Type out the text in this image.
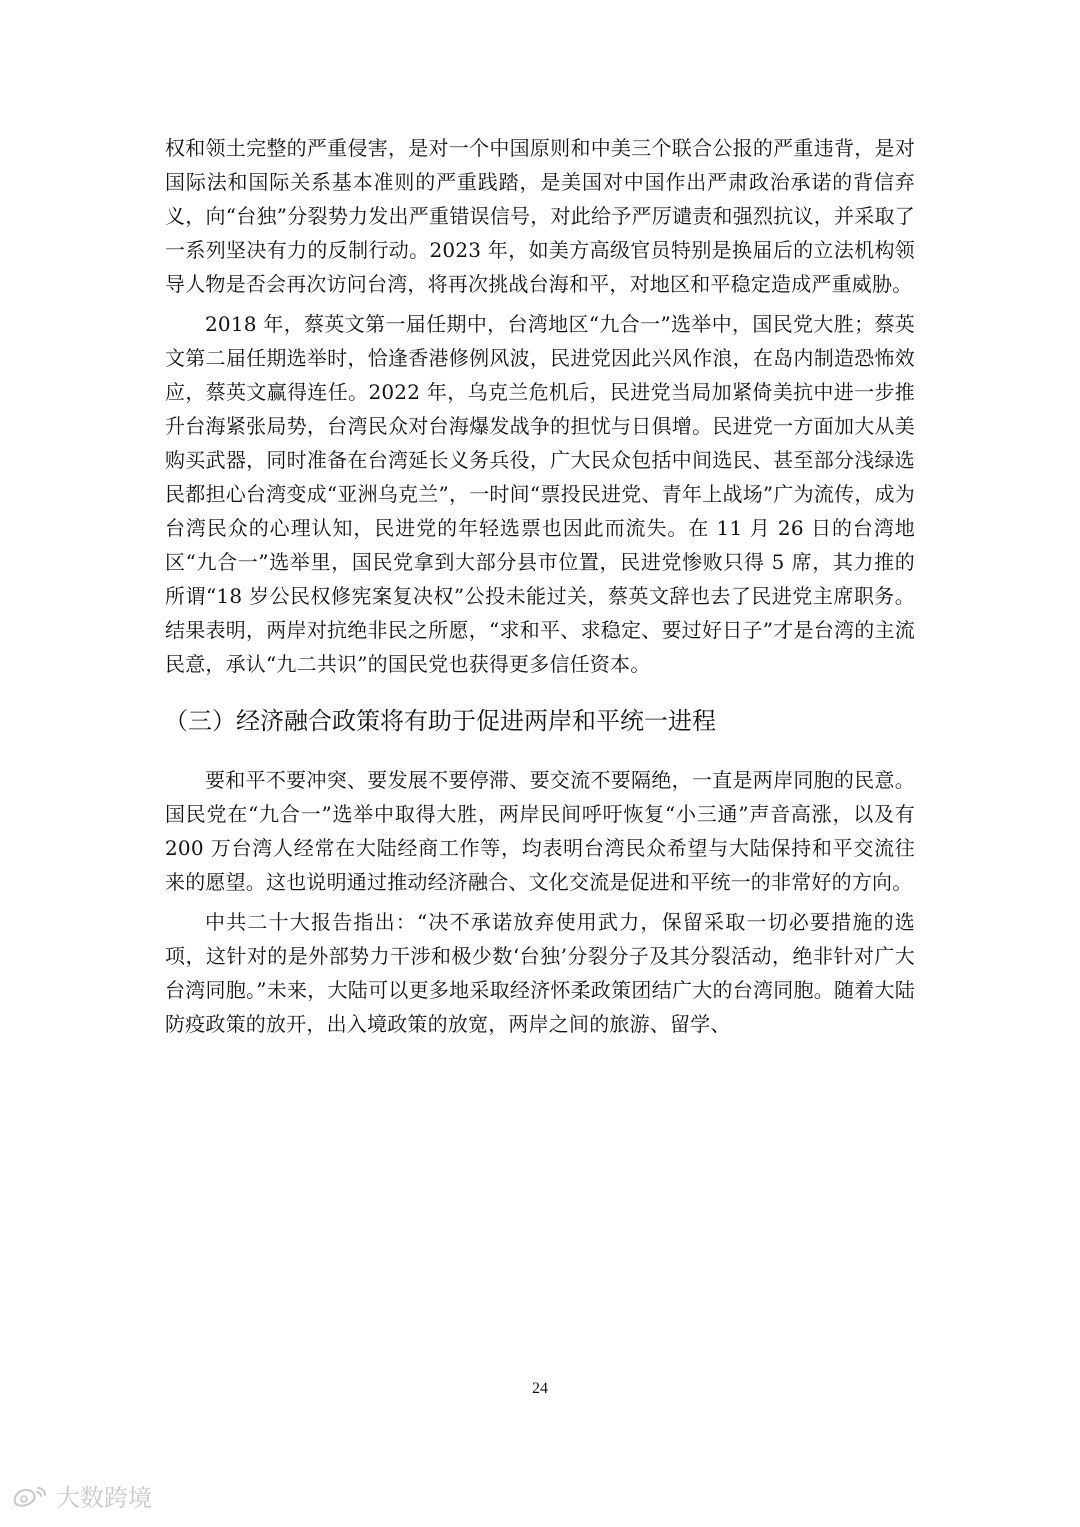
权和领土完整的严重侵害，是对一个中国原则和中美三个联合公报的严重违背，是对国际法和国际关系基本准则的严重践踏，是美国对中国作出严肃政治承诺的背信弃义，向“台独”分裂势力发出严重错误信号，对此给予严厉谴责和强烈抗议，并采取了一系列坚决有力的反制行动。2023 年，如美方高级官员特别是换届后的立法机构领导人物是否会再次访问台湾，将再次挑战台海和平，对地区和平稳定造成严重威胁。

2018 年，蔡英文第一届任期中，台湾地区“九合一”选举中，国民党大胜；蔡英文第二届任期选举时，恰逢香港修例风波，民进党因此兴风作浪，在岛内制造恐怖效应，蔡英文赢得连任。2022 年，乌克兰危机后，民进党当局加紧倚美抗中进一步推升台海紧张局势，台湾民众对台海爆发战争的担忧与日俱增。民进党一方面加大从美购买武器，同时准备在台湾延长义务兵役，广大民众包括中间选民、甚至部分浅绿选民都担心台湾变成“亚洲乌克兰”，一时间“票投民进党、青年上战场”广为流传，成为台湾民众的心理认知，民进党的年轻选票也因此而流失。在 11 月 26 日的台湾地区“九合一”选举里，国民党拿到大部分县市位置，民进党惨败只得 5 席，其力推的所谓“18 岁公民权修宪案复决权”公投未能过关，蔡英文辞也去了民进党主席职务。结果表明，两岸对抗绝非民之所愿，“求和平、求稳定、要过好日子”才是台湾的主流民意，承认“九二共识”的国民党也获得更多信任资本。

（三）经济融合政策将有助于促进两岸和平统一进程

要和平不要冲突、要发展不要停滞、要交流不要隔绝，一直是两岸同胞的民意。国民党在“九合一”选举中取得大胜，两岸民间呼吁恢复“小三通”声音高涨，以及有 200 万台湾人经常在大陆经商工作等，均表明台湾民众希望与大陆保持和平交流往来的愿望。这也说明通过推动经济融合、文化交流是促进和平统一的非常好的方向。

中共二十大报告指出：“决不承诺放弃使用武力，保留采取一切必要措施的选项，这针对的是外部势力干涉和极少数‘台独’分裂分子及其分裂活动，绝非针对广大台湾同胞。”未来，大陆可以更多地采取经济怀柔政策团结广大的台湾同胞。随着大陆防疫政策的放开，出入境政策的放宽，两岸之间的旅游、留学、

24
大数跨境
